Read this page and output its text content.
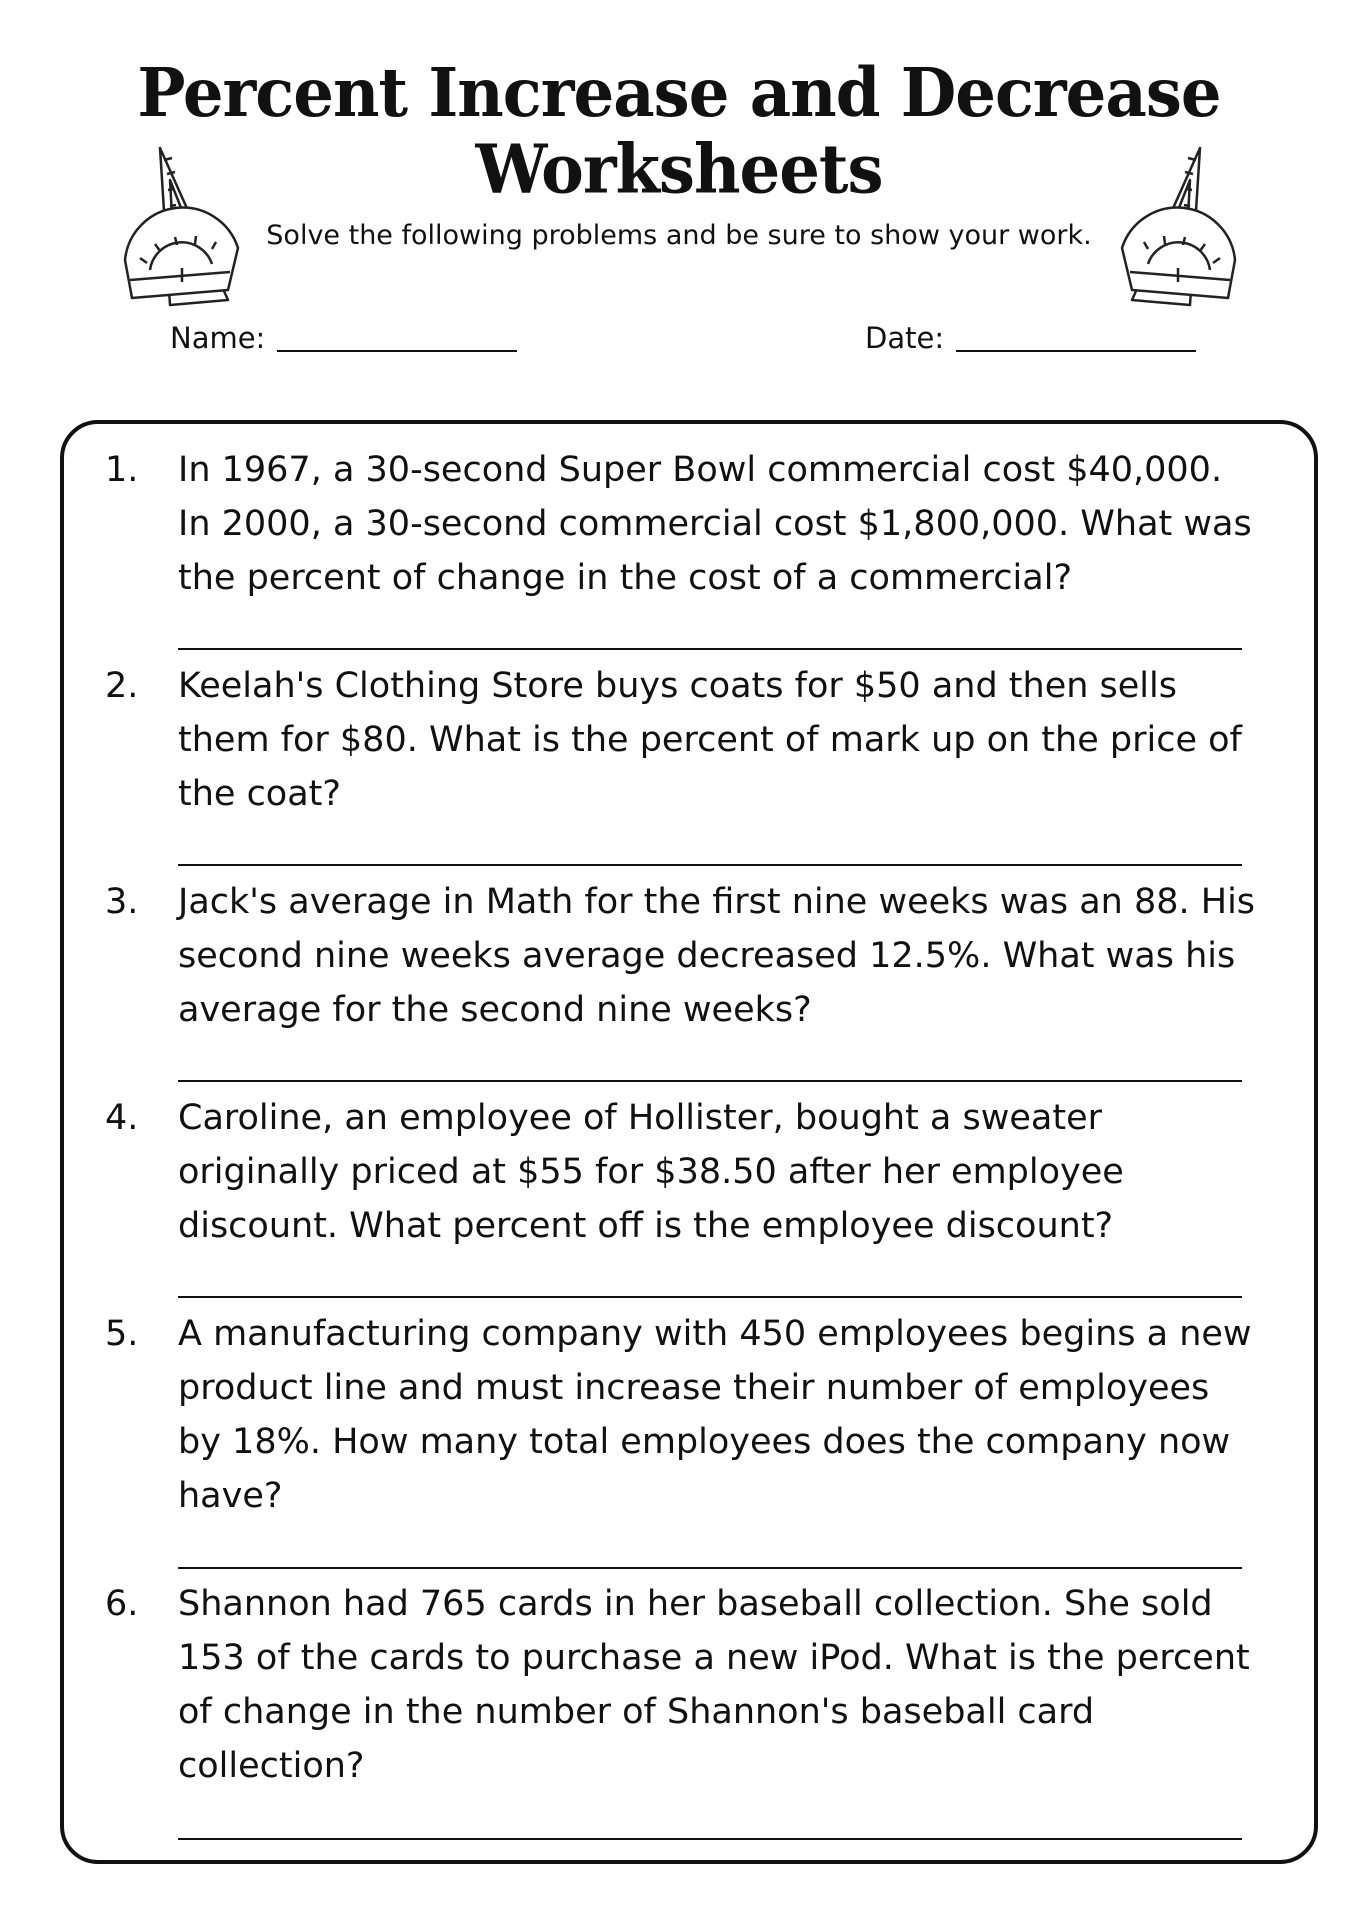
Percent Increase and Decrease
Worksheets

Solve the following problems and be sure to show your work.

Name:	Date:
1.	In 1967, a 30-second Super Bowl commercial cost $40,000. In 2000, a 30-second commercial cost $1,800,000. What was the percent of change in the cost of a commercial?
2.	Keelah's Clothing Store buys coats for $50 and then sells them for $80. What is the percent of mark up on the price of the coat?
3.	Jack's average in Math for the first nine weeks was an 88. His second nine weeks average decreased 12.5%. What was his average for the second nine weeks?
4.	Caroline, an employee of Hollister, bought a sweater originally priced at $55 for $38.50 after her employee discount. What percent off is the employee discount?
5.	A manufacturing company with 450 employees begins a new product line and must increase their number of employees by 18%. How many total employees does the company now have?
6.	Shannon had 765 cards in her baseball collection. She sold 153 of the cards to purchase a new iPod. What is the percent of change in the number of Shannon's baseball card collection?
